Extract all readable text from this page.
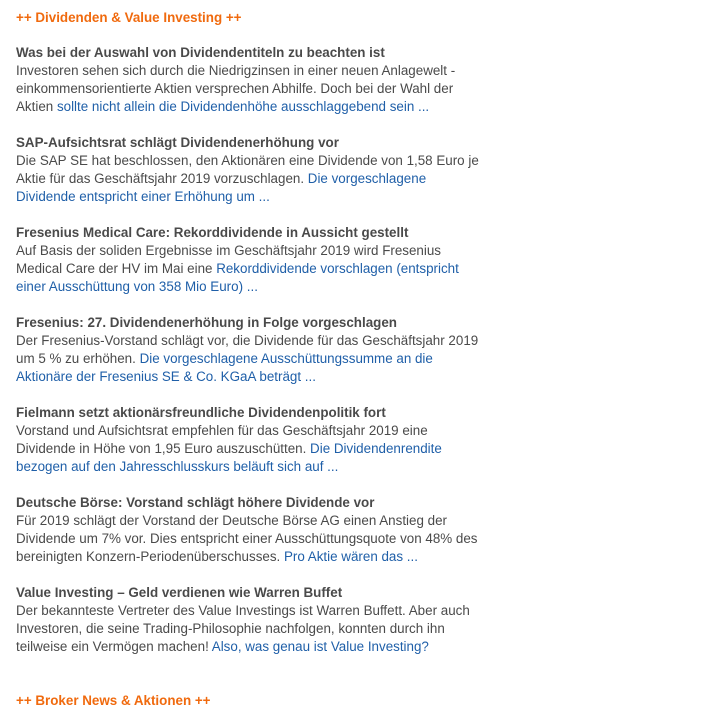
++ Dividenden & Value Investing ++
Was bei der Auswahl von Dividendentiteln zu beachten ist

Investoren sehen sich durch die Niedrigzinsen in einer neuen Anlagewelt - einkommensorientierte Aktien versprechen Abhilfe. Doch bei der Wahl der Aktien sollte nicht allein die Dividendenhöhe ausschlaggebend sein ...

SAP-Aufsichtsrat schlägt Dividendenerhöhung vor

Die SAP SE hat beschlossen, den Aktionären eine Dividende von 1,58 Euro je Aktie für das Geschäftsjahr 2019 vorzuschlagen. Die vorgeschlagene Dividende entspricht einer Erhöhung um ...

Fresenius Medical Care: Rekorddividende in Aussicht gestellt

Auf Basis der soliden Ergebnisse im Geschäftsjahr 2019 wird Fresenius Medical Care der HV im Mai eine Rekorddividende vorschlagen (entspricht einer Ausschüttung von 358 Mio Euro) ...

Fresenius: 27. Dividendenerhöhung in Folge vorgeschlagen

Der Fresenius-Vorstand schlägt vor, die Dividende für das Geschäftsjahr 2019 um 5 % zu erhöhen. Die vorgeschlagene Ausschüttungssumme an die Aktionäre der Fresenius SE & Co. KGaA beträgt ...

Fielmann setzt aktionärsfreundliche Dividendenpolitik fort

Vorstand und Aufsichtsrat empfehlen für das Geschäftsjahr 2019 eine Dividende in Höhe von 1,95 Euro auszuschütten. Die Dividendenrendite bezogen auf den Jahresschlusskurs beläuft sich auf ...

Deutsche Börse: Vorstand schlägt höhere Dividende vor

Für 2019 schlägt der Vorstand der Deutsche Börse AG einen Anstieg der Dividende um 7% vor. Dies entspricht einer Ausschüttungsquote von 48% des bereinigten Konzern-Periodenüberschusses. Pro Aktie wären das ...

Value Investing – Geld verdienen wie Warren Buffet

Der bekannteste Vertreter des Value Investings ist Warren Buffett. Aber auch Investoren, die seine Trading-Philosophie nachfolgen, konnten durch ihn teilweise ein Vermögen machen! Also, was genau ist Value Investing?

++ Broker News & Aktionen ++
